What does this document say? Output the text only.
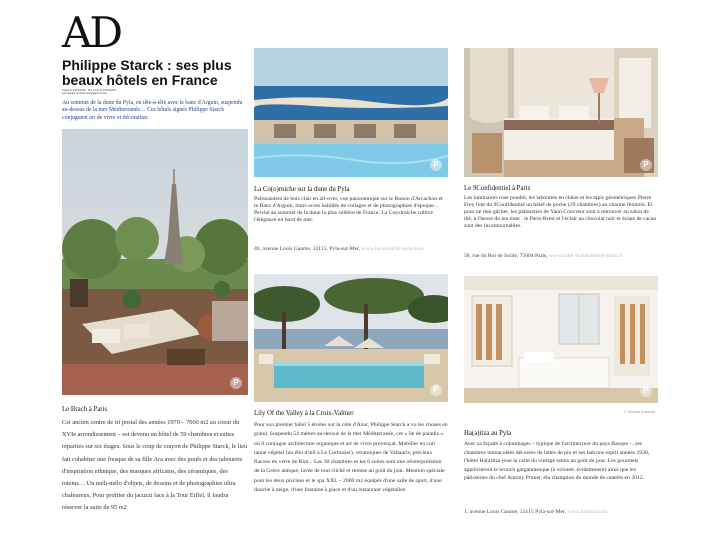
AD
Philippe Starck : ses plus beaux hôtels en France
Publié le 24/06/2020 · Mis à jour le 24/06/2020
par l'équipe Architectural Digest France
Au sommet de la dune du Pyla, en tête-à-tête avec le banc d'Arguin, suspendu au-dessus de la mer Méditerranée… Ces hôtels signés Philippe Starck conjuguent art de vivre et décoration.
P
P	P
P	P
Le Brach à Paris
Cet ancien centre de tri postal des années 1970 – 7000 m2 au coeur du XVIe arrondissement – est devenu un hôtel de 59 chambres et suites réparties sur six étages. Sous le coup de crayon de Philippe Starck, le lieu fait cohabiter une fresque de sa fille Ara avec des poufs et des tabourets d'inspiration ethnique, des masques africains, des céramiques, des totems… Un méli-mélo d'objets, de dessins et de photographies ultra chaleureux. Pour profiter du jacuzzi face à la Tour Eiffel, il faudra réserver la suite de 95 m2
La Co(o)rniche sur la dune du Pyla
Palissandres de bois clair en all-over, vue panoramique sur le Bassin d'Arcachon et le Banc d'Arguin, murs ocres habillés de collages et de photographies d'époque... Perché au sommet de la dune la plus célèbre de France, La Co(o)rniche cultive l'élégance en bord de mer.
46, avenue Louis Gaume, 33115, Pyla-sur-Mer, www.lacoorniche-pyla.com
Lily Of the Valley à la Croix-Valmer
Pour son premier hôtel 5 étoiles sur la côte d'Azur, Philippe Starck a vu les choses en grand. Suspendu 54 mètres au-dessus de la mer Méditerranée, cet « île de paradis » où il conjugue architecture organique et art de vivre provençal. Mobilier en cuir tanné végétal (un élin d'œil à Le Corbusier), céramiques de Vallauris, précieux flacons en verre de Biot... Les 38 chambres et les 6 suites sont une réinterprétation de la Grèce antique, lavée de tout cliché et remise au goût du jour. Mention spéciale pour les deux piscines et le spa XXL – 2000 m2 équipés d'une salle de sport, d'une douche à neige, d'une fontaine à glace et d'un restaurant végétalien
Le 9Confidentiel à Paris
Les luminaires rose poudré, les tabourets en chêne et les tapis géométriques Pierre Frey font du 9Confidentiel un hôtel de poche (29 chambres) au charme féminin. Et pour ne rien gâcher, les pâtisseries de Yann Couvreur sont à retrouver au salon de thé, à l'heure du tea time : le Paris-Brest et l'éclair au chocolat noir et éclats de cacao sont des incontournables.
58, rue du Roi de Sicile, 75004 Paris, www.hotel-9confidentiel-paris.fr
© Nicolas Anetson
Ha(a)itza au Pyla
Avec sa façade à colombages – typique de l'architecture du pays Basque –, ses chambres immaculées décorées de lattes de pin et ses balcons esprit années 1930, l'hôtel Ha(a)itza joue la carte du vintage remis au goût du jour. Les gourmets apprécieront le brunch gargantuesque (à volonté, évidemment) ainsi que les pâtisseries du chef Antony Pruner, élu champion du monde de canelés en 2012.
1, avenue Louis Gaume, 33115 Pyla-sur-Mer, www.haaitza.com
